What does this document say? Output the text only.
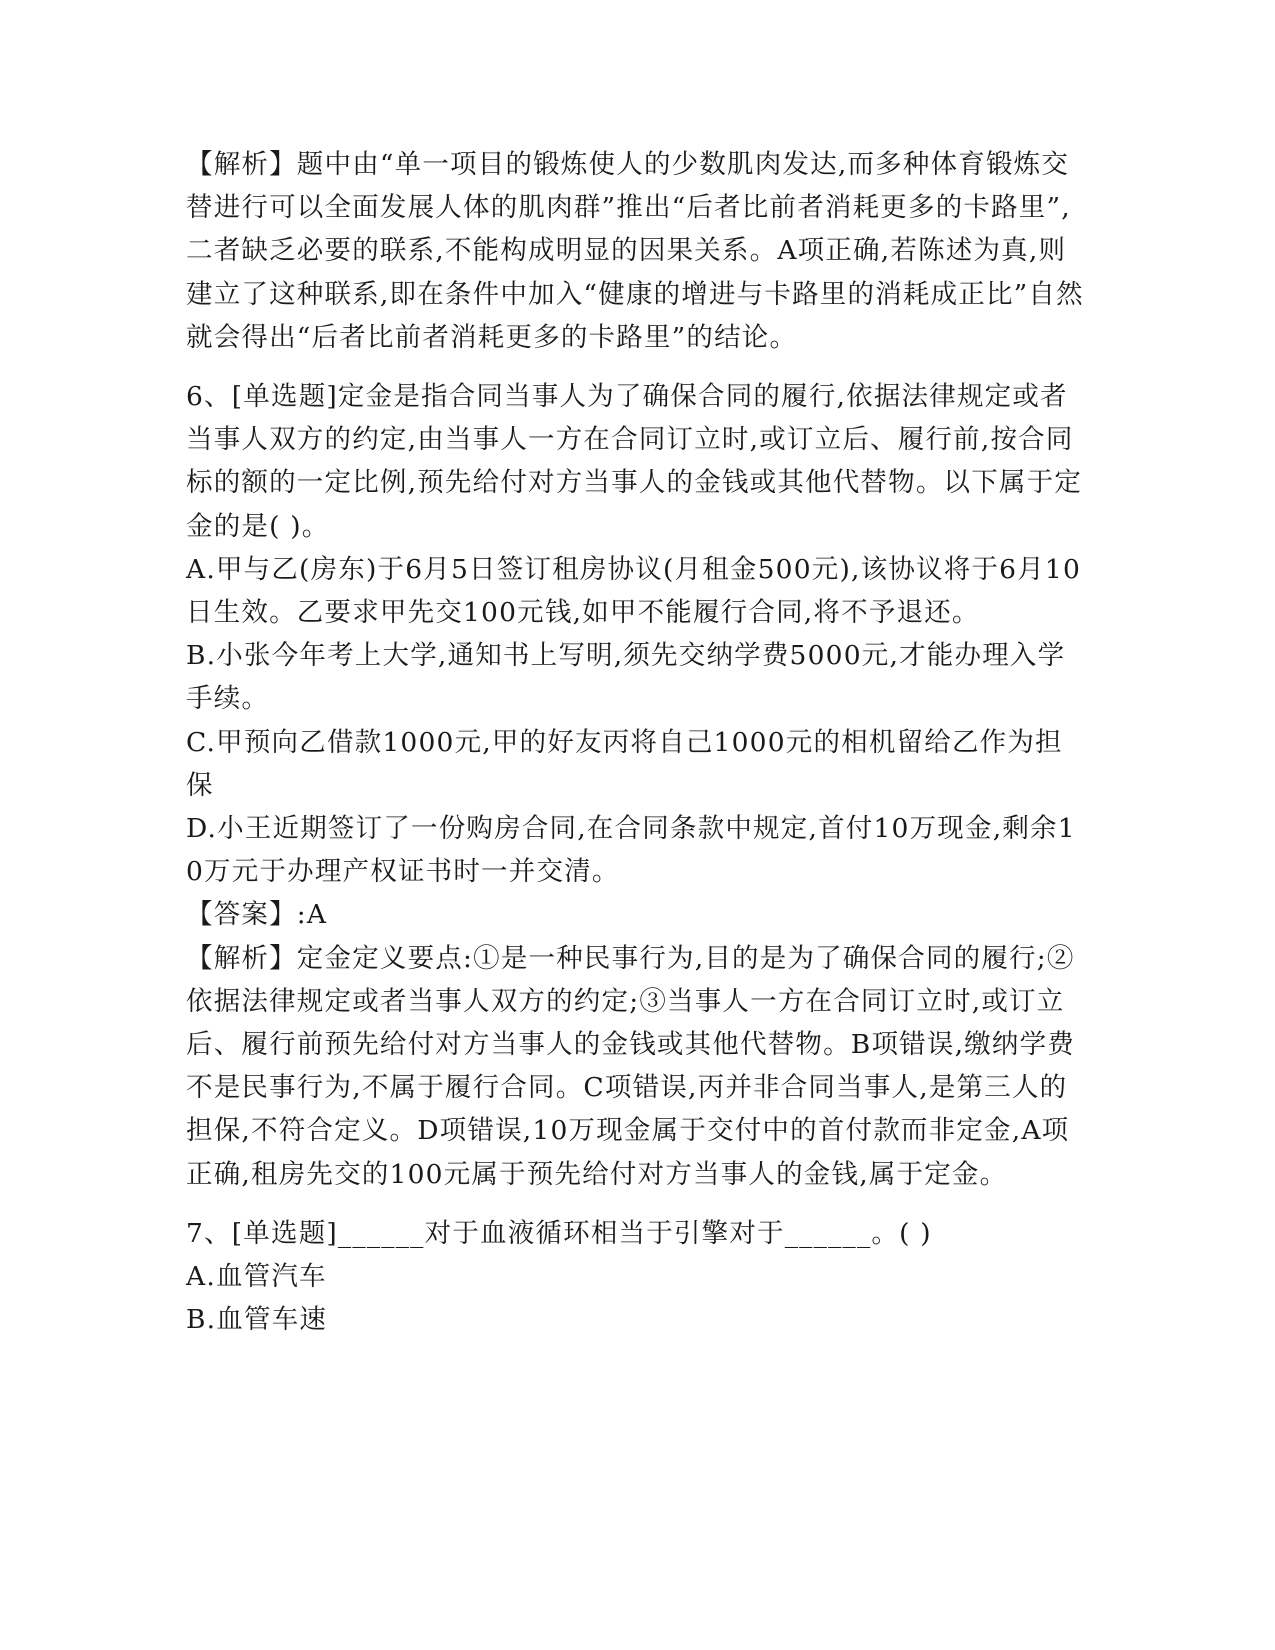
【解析】题中由“单一项目的锻炼使人的少数肌肉发达,而多种体育锻炼交替进行可以全面发展人体的肌肉群”推出“后者比前者消耗更多的卡路里”,二者缺乏必要的联系,不能构成明显的因果关系。A项正确,若陈述为真,则建立了这种联系,即在条件中加入“健康的增进与卡路里的消耗成正比”自然就会得出“后者比前者消耗更多的卡路里”的结论。

6、[单选题]定金是指合同当事人为了确保合同的履行,依据法律规定或者当事人双方的约定,由当事人一方在合同订立时,或订立后、履行前,按合同标的额的一定比例,预先给付对方当事人的金钱或其他代替物。以下属于定金的是( )。

A.甲与乙(房东)于6月5日签订租房协议(月租金500元),该协议将于6月10日生效。乙要求甲先交100元钱,如甲不能履行合同,将不予退还。

B.小张今年考上大学,通知书上写明,须先交纳学费5000元,才能办理入学手续。

C.甲预向乙借款1000元,甲的好友丙将自己1000元的相机留给乙作为担保

D.小王近期签订了一份购房合同,在合同条款中规定,首付10万现金,剩余10万元于办理产权证书时一并交清。

【答案】:A

【解析】定金定义要点:①是一种民事行为,目的是为了确保合同的履行;②依据法律规定或者当事人双方的约定;③当事人一方在合同订立时,或订立后、履行前预先给付对方当事人的金钱或其他代替物。B项错误,缴纳学费不是民事行为,不属于履行合同。C项错误,丙并非合同当事人,是第三人的担保,不符合定义。D项错误,10万现金属于交付中的首付款而非定金,A项正确,租房先交的100元属于预先给付对方当事人的金钱,属于定金。

7、[单选题]______对于血液循环相当于引擎对于______。( )

A.血管汽车

B.血管车速
